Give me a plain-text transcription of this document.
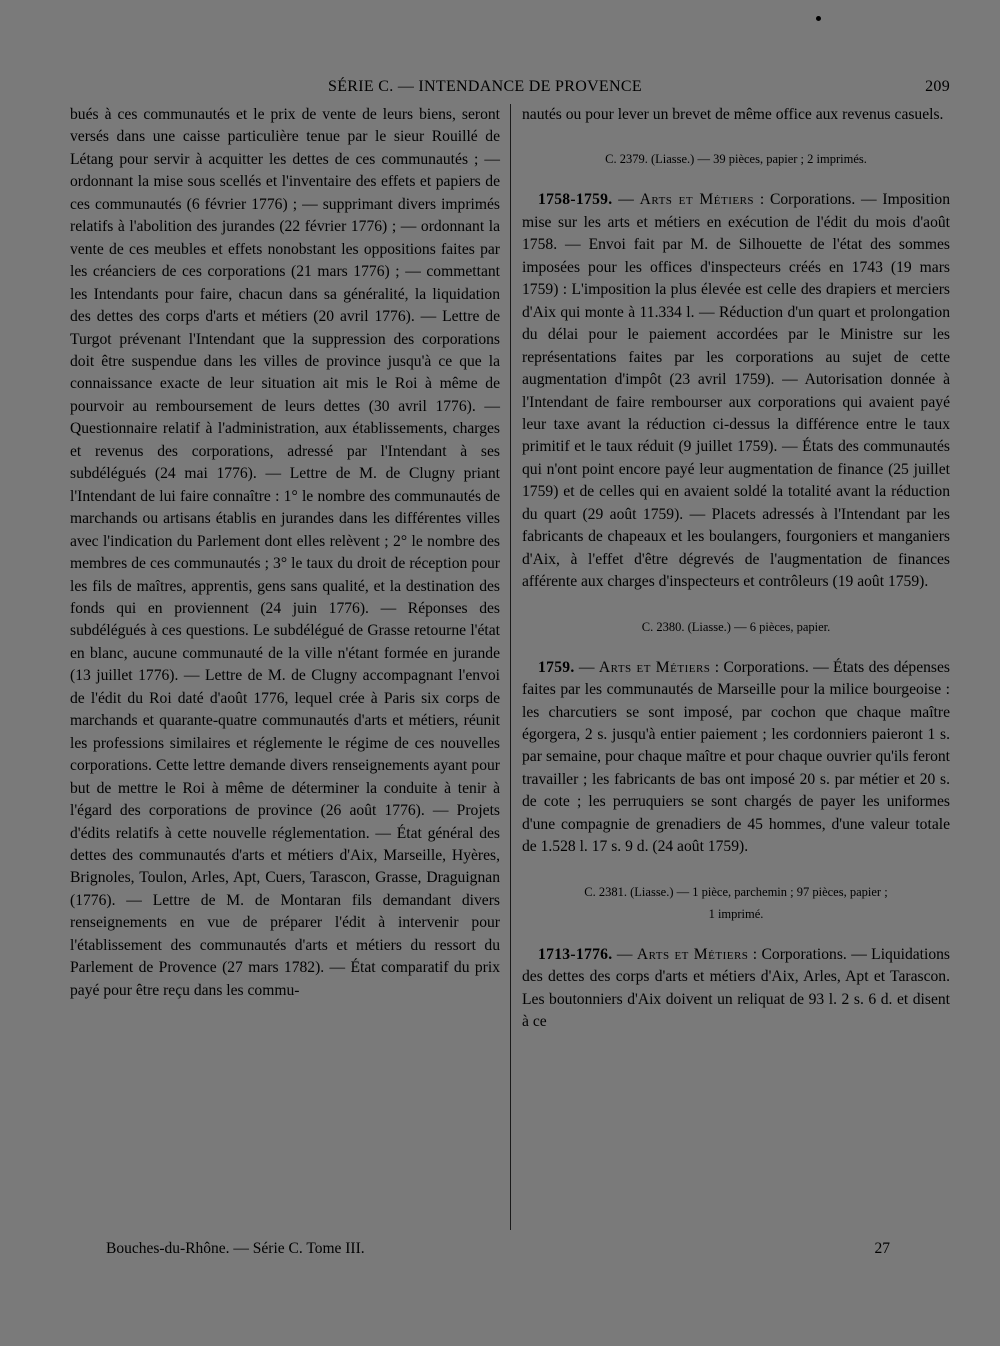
SÉRIE C. — INTENDANCE DE PROVENCE	209

bués à ces communautés et le prix de vente de leurs biens, seront versés dans une caisse particulière tenue par le sieur Rouillé de Létang pour servir à acquitter les dettes de ces communautés ; — ordonnant la mise sous scellés et l'inventaire des effets et papiers de ces communautés (6 février 1776) ; — supprimant divers imprimés relatifs à l'abolition des jurandes (22 février 1776) ; — ordonnant la vente de ces meubles et effets nonobstant les oppositions faites par les créanciers de ces corporations (21 mars 1776) ; — commettant les Intendants pour faire, chacun dans sa généralité, la liquidation des dettes des corps d'arts et métiers (20 avril 1776). — Lettre de Turgot prévenant l'Intendant que la suppression des corporations doit être suspendue dans les villes de province jusqu'à ce que la connaissance exacte de leur situation ait mis le Roi à même de pourvoir au remboursement de leurs dettes (30 avril 1776). — Questionnaire relatif à l'administration, aux établissements, charges et revenus des corporations, adressé par l'Intendant à ses subdélégués (24 mai 1776). — Lettre de M. de Clugny priant l'Intendant de lui faire connaître : 1° le nombre des communautés de marchands ou artisans établis en jurandes dans les différentes villes avec l'indication du Parlement dont elles relèvent ; 2° le nombre des membres de ces communautés ; 3° le taux du droit de réception pour les fils de maîtres, apprentis, gens sans qualité, et la destination des fonds qui en proviennent (24 juin 1776). — Réponses des subdélégués à ces questions. Le subdélégué de Grasse retourne l'état en blanc, aucune communauté de la ville n'étant formée en jurande (13 juillet 1776). — Lettre de M. de Clugny accompagnant l'envoi de l'édit du Roi daté d'août 1776, lequel crée à Paris six corps de marchands et quarante-quatre communautés d'arts et métiers, réunit les professions similaires et réglemente le régime de ces nouvelles corporations. Cette lettre demande divers renseignements ayant pour but de mettre le Roi à même de déterminer la conduite à tenir à l'égard des corporations de province (26 août 1776). — Projets d'édits relatifs à cette nouvelle réglementation. — État général des dettes des communautés d'arts et métiers d'Aix, Marseille, Hyères, Brignoles, Toulon, Arles, Apt, Cuers, Tarascon, Grasse, Draguignan (1776). — Lettre de M. de Montaran fils demandant divers renseignements en vue de préparer l'édit à intervenir pour l'établissement des communautés d'arts et métiers du ressort du Parlement de Provence (27 mars 1782). — État comparatif du prix payé pour être reçu dans les commu-

nautés ou pour lever un brevet de même office aux revenus casuels.

C. 2379. (Liasse.) — 39 pièces, papier ; 2 imprimés.

1758-1759. — Arts et Métiers : Corporations. — Imposition mise sur les arts et métiers en exécution de l'édit du mois d'août 1758. — Envoi fait par M. de Silhouette de l'état des sommes imposées pour les offices d'inspecteurs créés en 1743 (19 mars 1759) : L'imposition la plus élevée est celle des drapiers et merciers d'Aix qui monte à 11.334 l. — Réduction d'un quart et prolongation du délai pour le paiement accordées par le Ministre sur les représentations faites par les corporations au sujet de cette augmentation d'impôt (23 avril 1759). — Autorisation donnée à l'Intendant de faire rembourser aux corporations qui avaient payé leur taxe avant la réduction ci-dessus la différence entre le taux primitif et le taux réduit (9 juillet 1759). — États des communautés qui n'ont point encore payé leur augmentation de finance (25 juillet 1759) et de celles qui en avaient soldé la totalité avant la réduction du quart (29 août 1759). — Placets adressés à l'Intendant par les fabricants de chapeaux et les boulangers, fourgoniers et manganiers d'Aix, à l'effet d'être dégrevés de l'augmentation de finances afférente aux charges d'inspecteurs et contrôleurs (19 août 1759).

C. 2380. (Liasse.) — 6 pièces, papier.

1759. — Arts et Métiers : Corporations. — États des dépenses faites par les communautés de Marseille pour la milice bourgeoise : les charcutiers se sont imposé, par cochon que chaque maître égorgera, 2 s. jusqu'à entier paiement ; les cordonniers paieront 1 s. par semaine, pour chaque maître et pour chaque ouvrier qu'ils feront travailler ; les fabricants de bas ont imposé 20 s. par métier et 20 s. de cote ; les perruquiers se sont chargés de payer les uniformes d'une compagnie de grenadiers de 45 hommes, d'une valeur totale de 1.528 l. 17 s. 9 d. (24 août 1759).

C. 2381. (Liasse.) — 1 pièce, parchemin ; 97 pièces, papier ;
1 imprimé.

1713-1776. — Arts et Métiers : Corporations. — Liquidations des dettes des corps d'arts et métiers d'Aix, Arles, Apt et Tarascon. Les boutonniers d'Aix doivent un reliquat de 93 l. 2 s. 6 d. et disent à ce

Bouches-du-Rhône. — Série C. Tome III.	27
